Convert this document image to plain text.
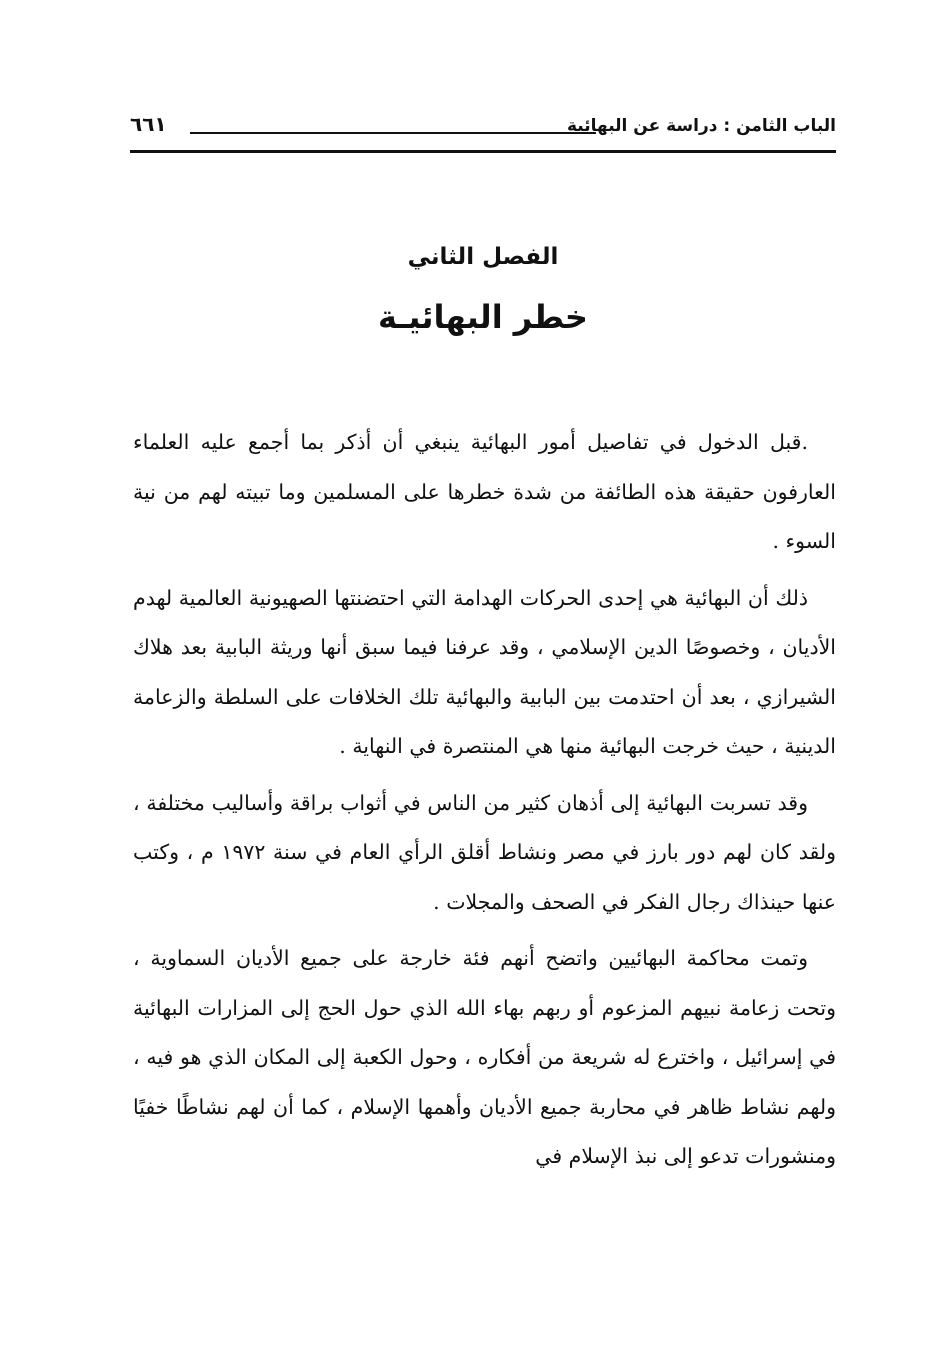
الباب الثامن : دراسة عن البهائية
٦٦١
الفصل الثاني
خطر البهائيـة

.قبل الدخول في تفاصيل أمور البهائية ينبغي أن أذكر بما أجمع عليه العلماء العارفون حقيقة هذه الطائفة من شدة خطرها على المسلمين وما تبيته لهم من نية السوء .

ذلك أن البهائية هي إحدى الحركات الهدامة التي احتضنتها الصهيونية العالمية لهدم الأديان ، وخصوصًا الدين الإسلامي ، وقد عرفنا فيما سبق أنها وريثة البابية بعد هلاك الشيرازي ، بعد أن احتدمت بين البابية والبهائية تلك الخلافات على السلطة والزعامة الدينية ، حيث خرجت البهائية منها هي المنتصرة في النهاية .

وقد تسربت البهائية إلى أذهان كثير من الناس في أثواب براقة وأساليب مختلفة ، ولقد كان لهم دور بارز في مصر ونشاط أقلق الرأي العام في سنة ١٩٧٢ م ، وكتب عنها حينذاك رجال الفكر في الصحف والمجلات .

وتمت محاكمة البهائيين واتضح أنهم فئة خارجة على جميع الأديان السماوية ، وتحت زعامة نبيهم المزعوم أو ربهم بهاء الله الذي حول الحج إلى المزارات البهائية في إسرائيل ، واخترع له شريعة من أفكاره ، وحول الكعبة إلى المكان الذي هو فيه ، ولهم نشاط ظاهر في محاربة جميع الأديان وأهمها الإسلام ، كما أن لهم نشاطًا خفيًا ومنشورات تدعو إلى نبذ الإسلام في
